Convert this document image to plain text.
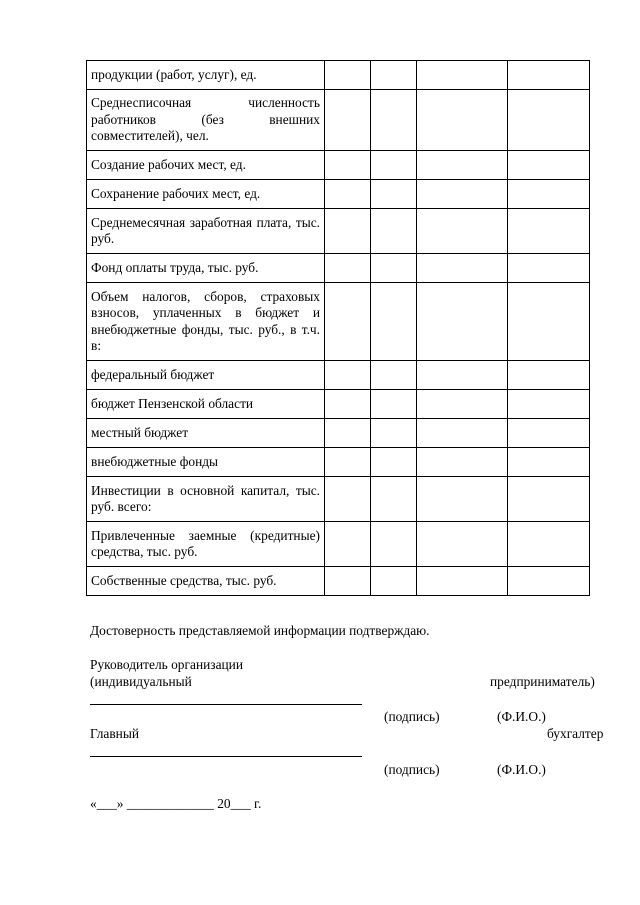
продукции (работ, услуг), ед.				
Среднесписочная численность работников (без внешних совместителей), чел.				
Создание рабочих мест, ед.				
Сохранение рабочих мест, ед.				
Среднемесячная заработная плата, тыс. руб.				
Фонд оплаты труда, тыс. руб.				
Объем налогов, сборов, страховых взносов, уплаченных в бюджет и внебюджетные фонды, тыс. руб., в т.ч. в:				
федеральный бюджет				
бюджет Пензенской области				
местный бюджет				
внебюджетные фонды				
Инвестиции в основной капитал, тыс. руб. всего:				
Привлеченные заемные (кредитные) средства, тыс. руб.				
Собственные средства, тыс. руб.				
Достоверность представляемой информации подтверждаю.
Руководитель организации
(индивидуальный	предприниматель)
(подпись)	(Ф.И.О.)
Главный	бухгалтер
(подпись)	(Ф.И.О.)
«___» _____________ 20___ г.
